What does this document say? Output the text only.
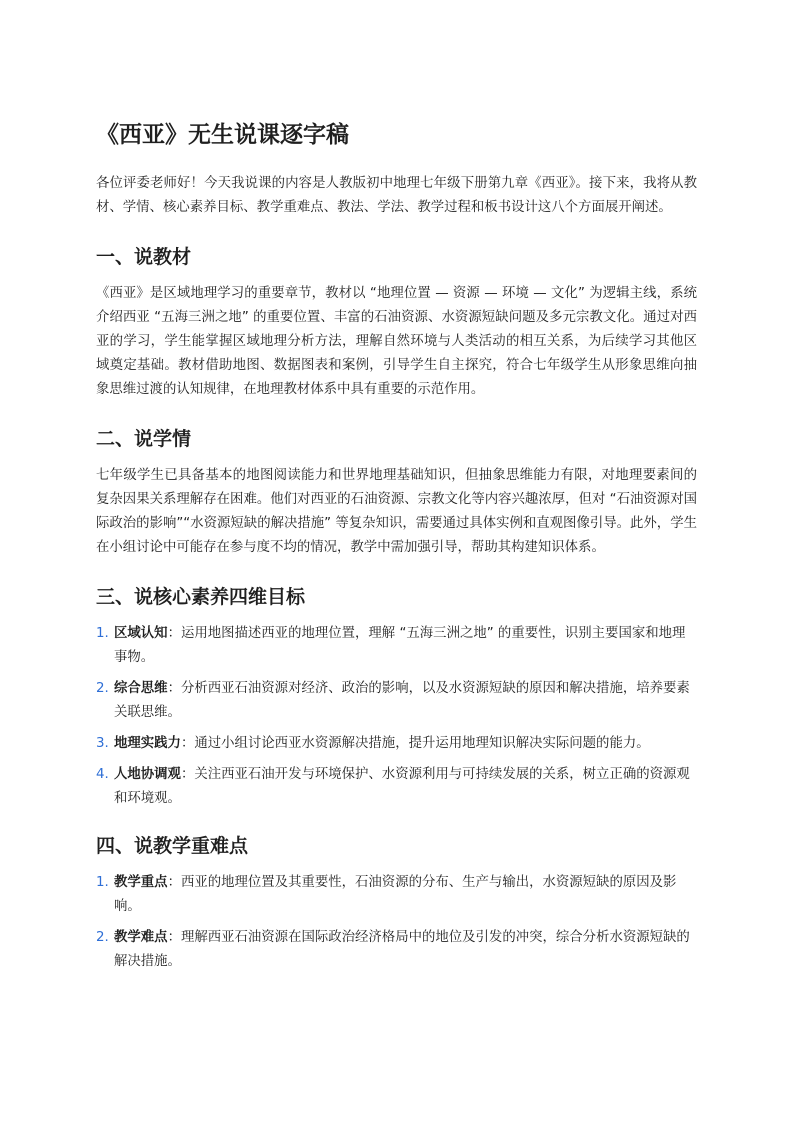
《西亚》无生说课逐字稿

各位评委老师好！今天我说课的内容是人教版初中地理七年级下册第九章《西亚》。接下来，我将从教材、学情、核心素养目标、教学重难点、教法、学法、教学过程和板书设计这八个方面展开阐述。

一、说教材

《西亚》是区域地理学习的重要章节，教材以 “地理位置 — 资源 — 环境 — 文化” 为逻辑主线，系统介绍西亚 “五海三洲之地” 的重要位置、丰富的石油资源、水资源短缺问题及多元宗教文化。通过对西亚的学习，学生能掌握区域地理分析方法，理解自然环境与人类活动的相互关系，为后续学习其他区域奠定基础。教材借助地图、数据图表和案例，引导学生自主探究，符合七年级学生从形象思维向抽象思维过渡的认知规律，在地理教材体系中具有重要的示范作用。

二、说学情

七年级学生已具备基本的地图阅读能力和世界地理基础知识，但抽象思维能力有限，对地理要素间的复杂因果关系理解存在困难。他们对西亚的石油资源、宗教文化等内容兴趣浓厚，但对 “石油资源对国际政治的影响”“水资源短缺的解决措施” 等复杂知识，需要通过具体实例和直观图像引导。此外，学生在小组讨论中可能存在参与度不均的情况，教学中需加强引导，帮助其构建知识体系。

三、说核心素养四维目标
1. 区域认知：运用地图描述西亚的地理位置，理解 “五海三洲之地” 的重要性，识别主要国家和地理事物。
2. 综合思维：分析西亚石油资源对经济、政治的影响，以及水资源短缺的原因和解决措施，培养要素关联思维。
3. 地理实践力：通过小组讨论西亚水资源解决措施，提升运用地理知识解决实际问题的能力。
4. 人地协调观：关注西亚石油开发与环境保护、水资源利用与可持续发展的关系，树立正确的资源观和环境观。
四、说教学重难点
1. 教学重点：西亚的地理位置及其重要性，石油资源的分布、生产与输出，水资源短缺的原因及影响。
2. 教学难点：理解西亚石油资源在国际政治经济格局中的地位及引发的冲突，综合分析水资源短缺的解决措施。
